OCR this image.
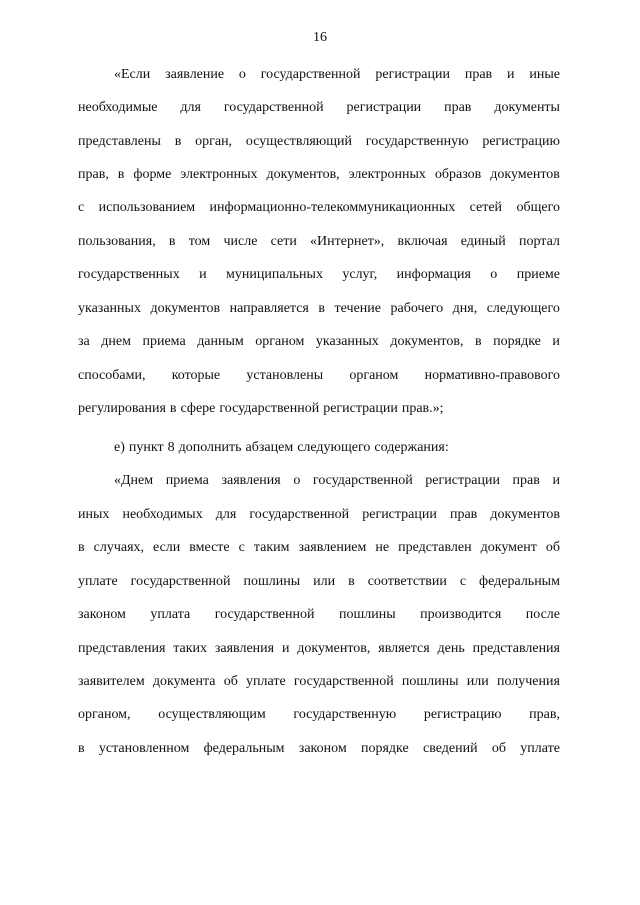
16
«Если заявление о государственной регистрации прав и иные
необходимые для государственной регистрации прав документы
представлены в орган, осуществляющий государственную регистрацию
прав, в форме электронных документов, электронных образов документов
с использованием информационно-телекоммуникационных сетей общего
пользования, в том числе сети «Интернет», включая единый портал
государственных и муниципальных услуг, информация о приеме
указанных документов направляется в течение рабочего дня, следующего
за днем приема данным органом указанных документов, в порядке и
способами, которые установлены органом нормативно-правового
регулирования в сфере государственной регистрации прав.»;
е) пункт 8 дополнить абзацем следующего содержания:
«Днем приема заявления о государственной регистрации прав и
иных необходимых для государственной регистрации прав документов
в случаях, если вместе с таким заявлением не представлен документ об
уплате государственной пошлины или в соответствии с федеральным
законом уплата государственной пошлины производится после
представления таких заявления и документов, является день представления
заявителем документа об уплате государственной пошлины или получения
органом, осуществляющим государственную регистрацию прав,
в установленном федеральным законом порядке сведений об уплате
